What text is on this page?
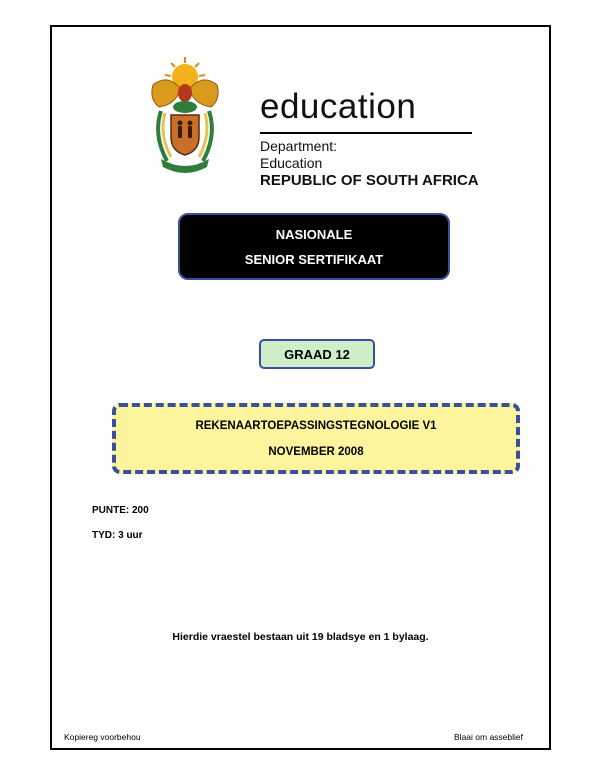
education
Department:
Education
REPUBLIC OF SOUTH AFRICA
NASIONALE
SENIOR SERTIFIKAAT
GRAAD 12
REKENAARTOEPASSINGSTEGNOLOGIE V1
NOVEMBER 2008
PUNTE: 200
TYD: 3 uur
Hierdie vraestel bestaan uit 19 bladsye en 1 bylaag.
Kopiereg voorbehou	Blaai om asseblief
